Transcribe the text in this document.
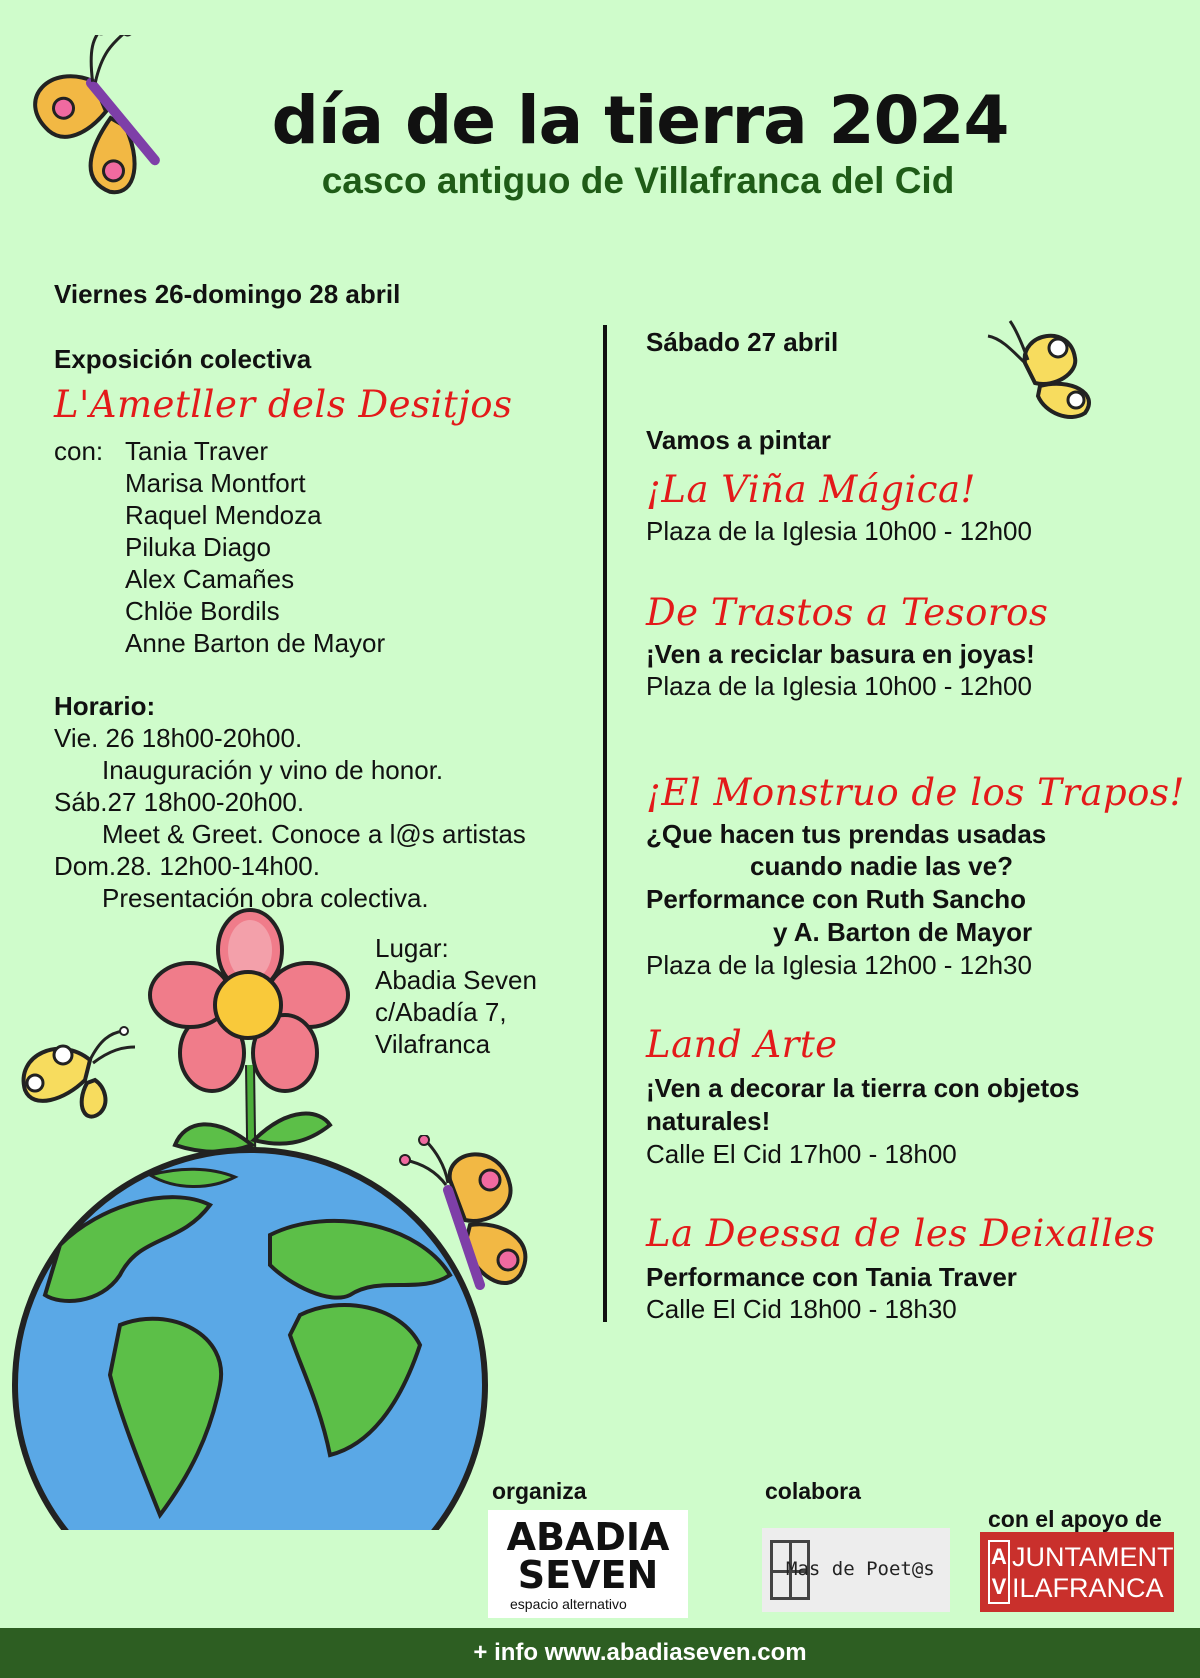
día de la tierra 2024
casco antiguo de Villafranca del Cid
Viernes 26-domingo 28 abril
Exposición colectiva
L'Ametller dels Desitjos
con: Tania Traver
Marisa Montfort
Raquel Mendoza
Piluka Diago
Alex Camañes
Chlöe Bordils
Anne Barton de Mayor
Horario:
Vie. 26 18h00-20h00.
Inauguración y vino de honor.
Sáb.27 18h00-20h00.
Meet & Greet. Conoce a l@s artistas
Dom.28. 12h00-14h00.
Presentación obra colectiva.
Lugar:
Abadia Seven
c/Abadía 7,
Vilafranca
Sábado 27 abril
Vamos a pintar
¡La Viña Mágica!
Plaza de la Iglesia 10h00 - 12h00
De Trastos a Tesoros
¡Ven a reciclar basura en joyas!
Plaza de la Iglesia 10h00 - 12h00
¡El Monstruo de los Trapos!
¿Que hacen tus prendas usadas
cuando nadie las ve?
Performance con Ruth Sancho
y A. Barton de Mayor
Plaza de la Iglesia 12h00 - 12h30
Land Arte
¡Ven a decorar la tierra con objetos
naturales!
Calle El Cid 17h00 - 18h00
La Deessa de les Deixalles
Performance con Tania Traver
Calle El Cid 18h00 - 18h30
organiza	colabora
con el apoyo de
ABADIA
SEVEN
espacio alternativo
Mas de Poet@s	A
V
JUNTAMENT
ILAFRANCA
+ info www.abadiaseven.com
